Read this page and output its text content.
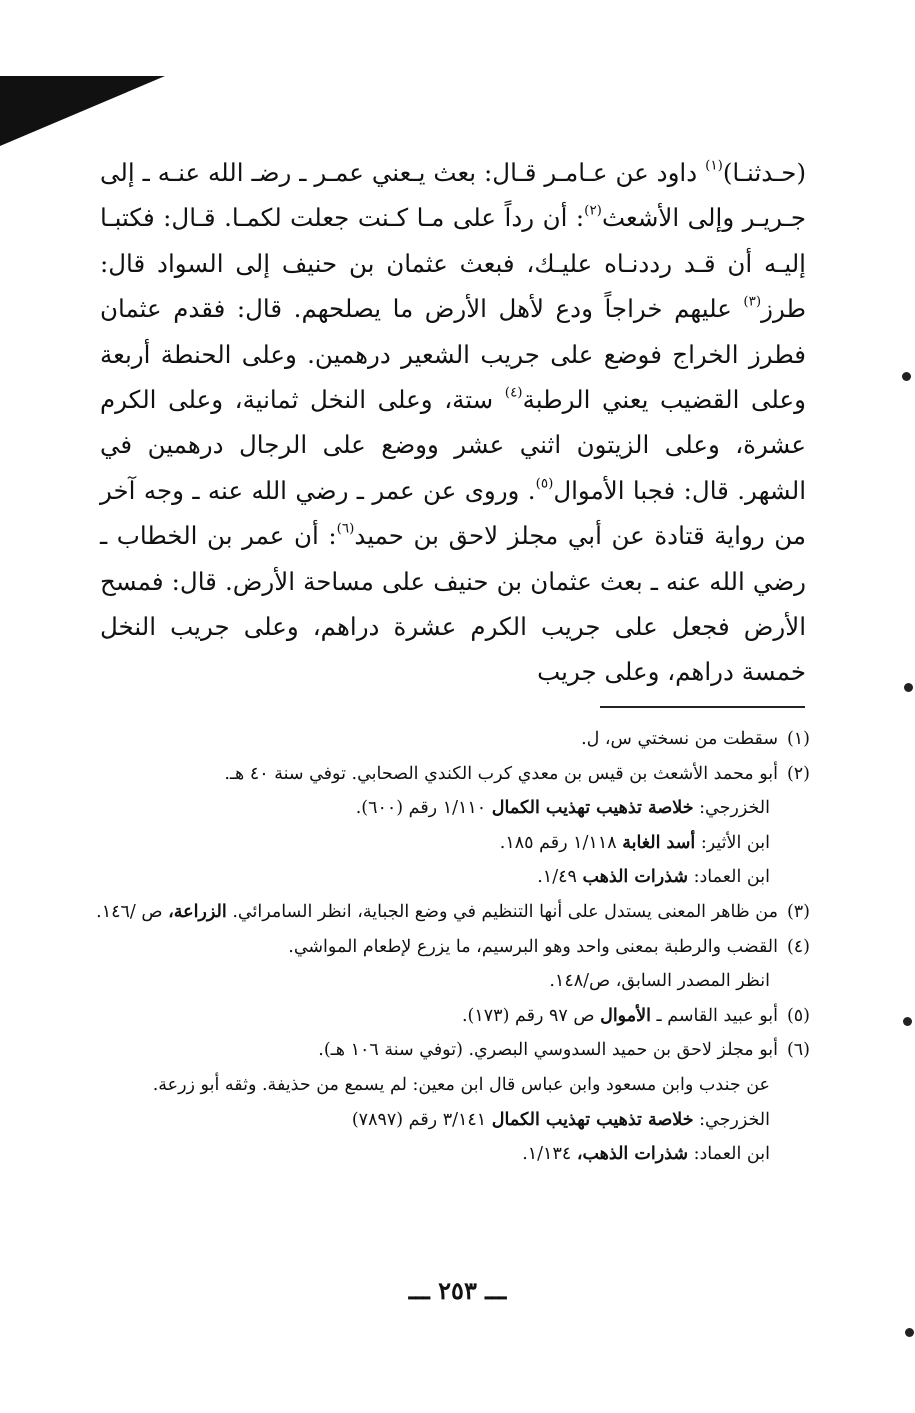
(حـدثنـا)$^{(١)}$ داود عن عـامـر قـال: بعث يـعني عمـر ـ رضـ الله عنـه ـ إلى جـريـر وإلى الأشعث$^{(٢)}$: أن رداً على مـا كـنت جعلت لكمـا. قـال: فكتبـا إليـه أن قـد رددنـاه عليـك، فبعث عثمان بن حنيف إلى السواد قال: طرز$^{(٣)}$ عليهم خراجاً ودع لأهل الأرض ما يصلحهم. قال: فقدم عثمان فطرز الخراج فوضع على جريب الشعير درهمين. وعلى الحنطة أربعة وعلى القضيب يعني الرطبة$^{(٤)}$ ستة، وعلى النخل ثمانية، وعلى الكرم عشرة، وعلى الزيتون اثني عشر ووضع على الرجال درهمين في الشهر. قال: فجبا الأموال$^{(٥)}$. وروى عن عمر ـ رضي الله عنه ـ وجه آخر من رواية قتادة عن أبي مجلز لاحق بن حميد$^{(٦)}$: أن عمر بن الخطاب ـ رضي الله عنه ـ بعث عثمان بن حنيف على مساحة الأرض. قال: فمسح الأرض فجعل على جريب الكرم عشرة دراهم، وعلى جريب النخل خمسة دراهم، وعلى جريب

(١)سقطت من نسختي س، ل.

(٢)أبو محمد الأشعث بن قيس بن معدي كرب الكندي الصحابي. توفي سنة ٤٠ هـ.

الخزرجي: خلاصة تذهيب تهذيب الكمال ١/١١٠ رقم (٦٠٠).

ابن الأثير: أسد الغابة ١/١١٨ رقم ١٨٥.

ابن العماد: شذرات الذهب ١/٤٩.

(٣)من ظاهر المعنى يستدل على أنها التنظيم في وضع الجباية، انظر السامرائي. الزراعة، ص /١٤٦.

(٤)القضب والرطبة بمعنى واحد وهو البرسيم، ما يزرع لإطعام المواشي.

انظر المصدر السابق، ص/١٤٨.

(٥)أبو عبيد القاسم ـ الأموال ص ٩٧ رقم (١٧٣).

(٦)أبو مجلز لاحق بن حميد السدوسي البصري. (توفي سنة ١٠٦ هـ).

عن جندب وابن مسعود وابن عباس قال ابن معين: لم يسمع من حذيفة. وثقه أبو زرعة.

الخزرجي: خلاصة تذهيب تهذيب الكمال ٣/١٤١ رقم (٧٨٩٧)

ابن العماد: شذرات الذهب، ١/١٣٤.

ـــ ٢٥٣ ـــ
